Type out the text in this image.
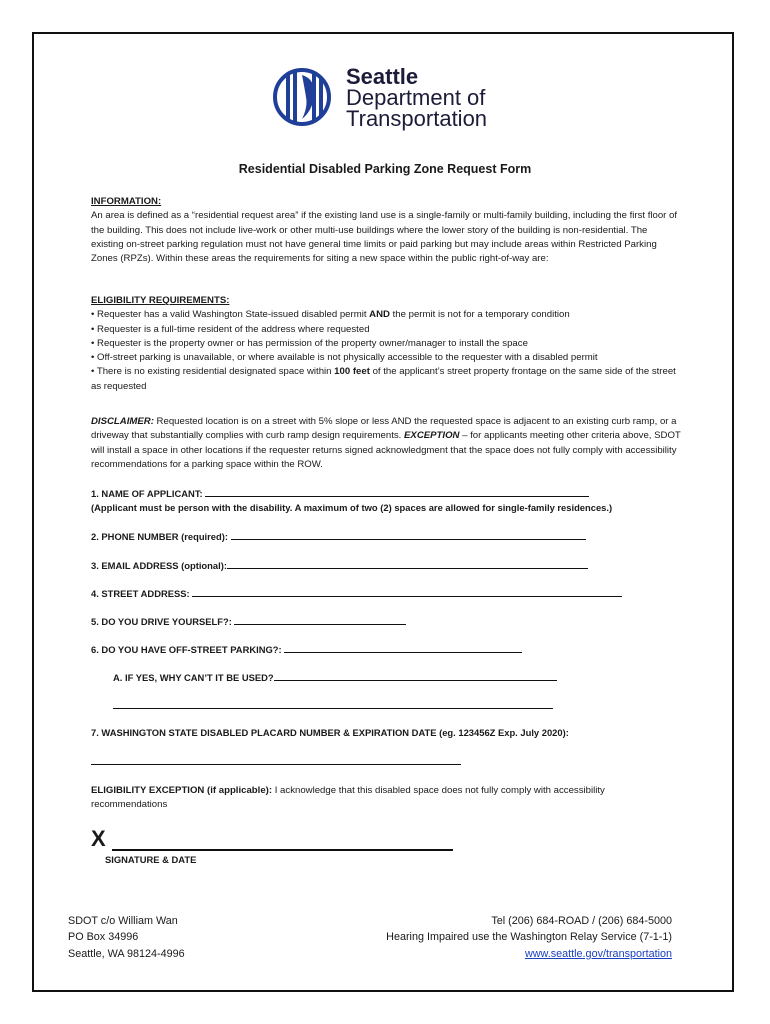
Seattle
Department of
Transportation
Residential Disabled Parking Zone Request Form
INFORMATION:
An area is defined as a “residential request area” if the existing land use is a single-family or multi-family building, including the first floor of the building. This does not include live-work or other multi-use buildings where the lower story of the building is non-residential. The existing on-street parking regulation must not have general time limits or paid parking but may include areas within Restricted Parking Zones (RPZs). Within these areas the requirements for siting a new space within the public right-of-way are:
ELIGIBILITY REQUIREMENTS:
• Requester has a valid Washington State-issued disabled permit AND the permit is not for a temporary condition
• Requester is a full-time resident of the address where requested
• Requester is the property owner or has permission of the property owner/manager to install the space
• Off-street parking is unavailable, or where available is not physically accessible to the requester with a disabled permit
• There is no existing residential designated space within 100 feet of the applicant’s street property frontage on the same side of the street as requested
DISCLAIMER: Requested location is on a street with 5% slope or less AND the requested space is adjacent to an existing curb ramp, or a driveway that substantially complies with curb ramp design requirements. EXCEPTION – for applicants meeting other criteria above, SDOT will install a space in other locations if the requester returns signed acknowledgment that the space does not fully comply with accessibility recommendations for a parking space within the ROW.
1. NAME OF APPLICANT:
(Applicant must be person with the disability. A maximum of two (2) spaces are allowed for single-family residences.)
2. PHONE NUMBER (required):
3. EMAIL ADDRESS (optional):
4. STREET ADDRESS:
5. DO YOU DRIVE YOURSELF?:
6. DO YOU HAVE OFF-STREET PARKING?:
A. IF YES, WHY CAN’T IT BE USED?
7. WASHINGTON STATE DISABLED PLACARD NUMBER & EXPIRATION DATE (eg. 123456Z Exp. July 2020):
ELIGIBILITY EXCEPTION (if applicable): I acknowledge that this disabled space does not fully comply with accessibility recommendations
X
SIGNATURE & DATE
SDOT c/o William Wan
PO Box 34996
Seattle, WA 98124-4996
Tel (206) 684-ROAD / (206) 684-5000
Hearing Impaired use the Washington Relay Service (7-1-1)
www.seattle.gov/transportation
